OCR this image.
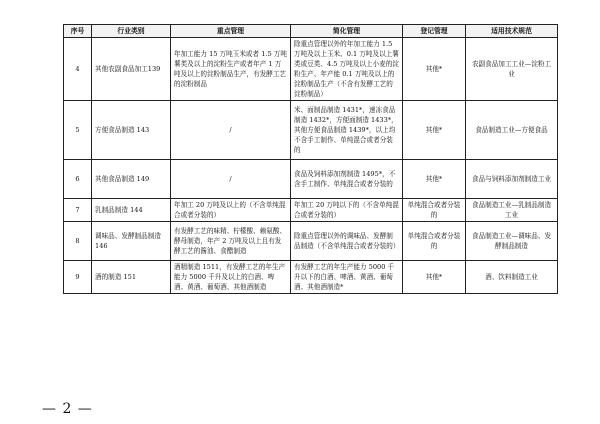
序号	行业类别	重点管理	简化管理	登记管理	适用技术规范
4	其他农副食品加工139	年加工能力 15 万吨玉米或者 1.5 万吨薯类及以上的淀粉生产或者年产 1 万吨及以上的淀粉制品生产，有发酵工艺的淀粉制品	除重点管理以外的年加工能力 1.5 万吨及以上玉米、0.1 万吨及以上薯类或豆类、4.5 万吨及以上小麦的淀粉生产、年产能 0.1 万吨及以上的淀粉制品生产（不含有发酵工艺的淀粉制品）	其他*	农副食品加工工业—淀粉工业
5	方便食品制造 143	/	米、面制品制造 1431*，速冻食品制造 1432*，方便面制造 1433*，其他方便食品制造 1439*，以上均不含手工制作、单纯混合或者分装的	其他*	食品制造工业—方便食品
6	其他食品制造 149	/	食品及饲料添加剂制造 1495*，不含手工制作、单纯混合或者分装的	其他*	食品与饲料添加剂制造工业
7	乳制品制造 144	年加工 20 万吨及以上的（不含单纯混合或者分装的）	年加工 20 万吨以下的（不含单纯混合或者分装的）	单纯混合或者分装的	食品制造工业—乳制品制造工业
8	调味品、发酵制品制造 146	有发酵工艺的味精、柠檬酸、赖氨酸、酵母制造，年产 2 万吨及以上且有发酵工艺的酱油、食醋制造	除重点管理以外的调味品、发酵制品制造（不含单纯混合或者分装的）	单纯混合或者分装的	食品制造工业—调味品、发酵制品制造
9	酒的制造 151	酒精制造 1511，有发酵工艺的年生产能力 5000 千升及以上的白酒、啤酒、黄酒、葡萄酒、其他酒制造	有发酵工艺的年生产能力 5000 千升以下的白酒、啤酒、黄酒、葡萄酒、其他酒制造*	其他*	酒、饮料制造工业
— 2 —
